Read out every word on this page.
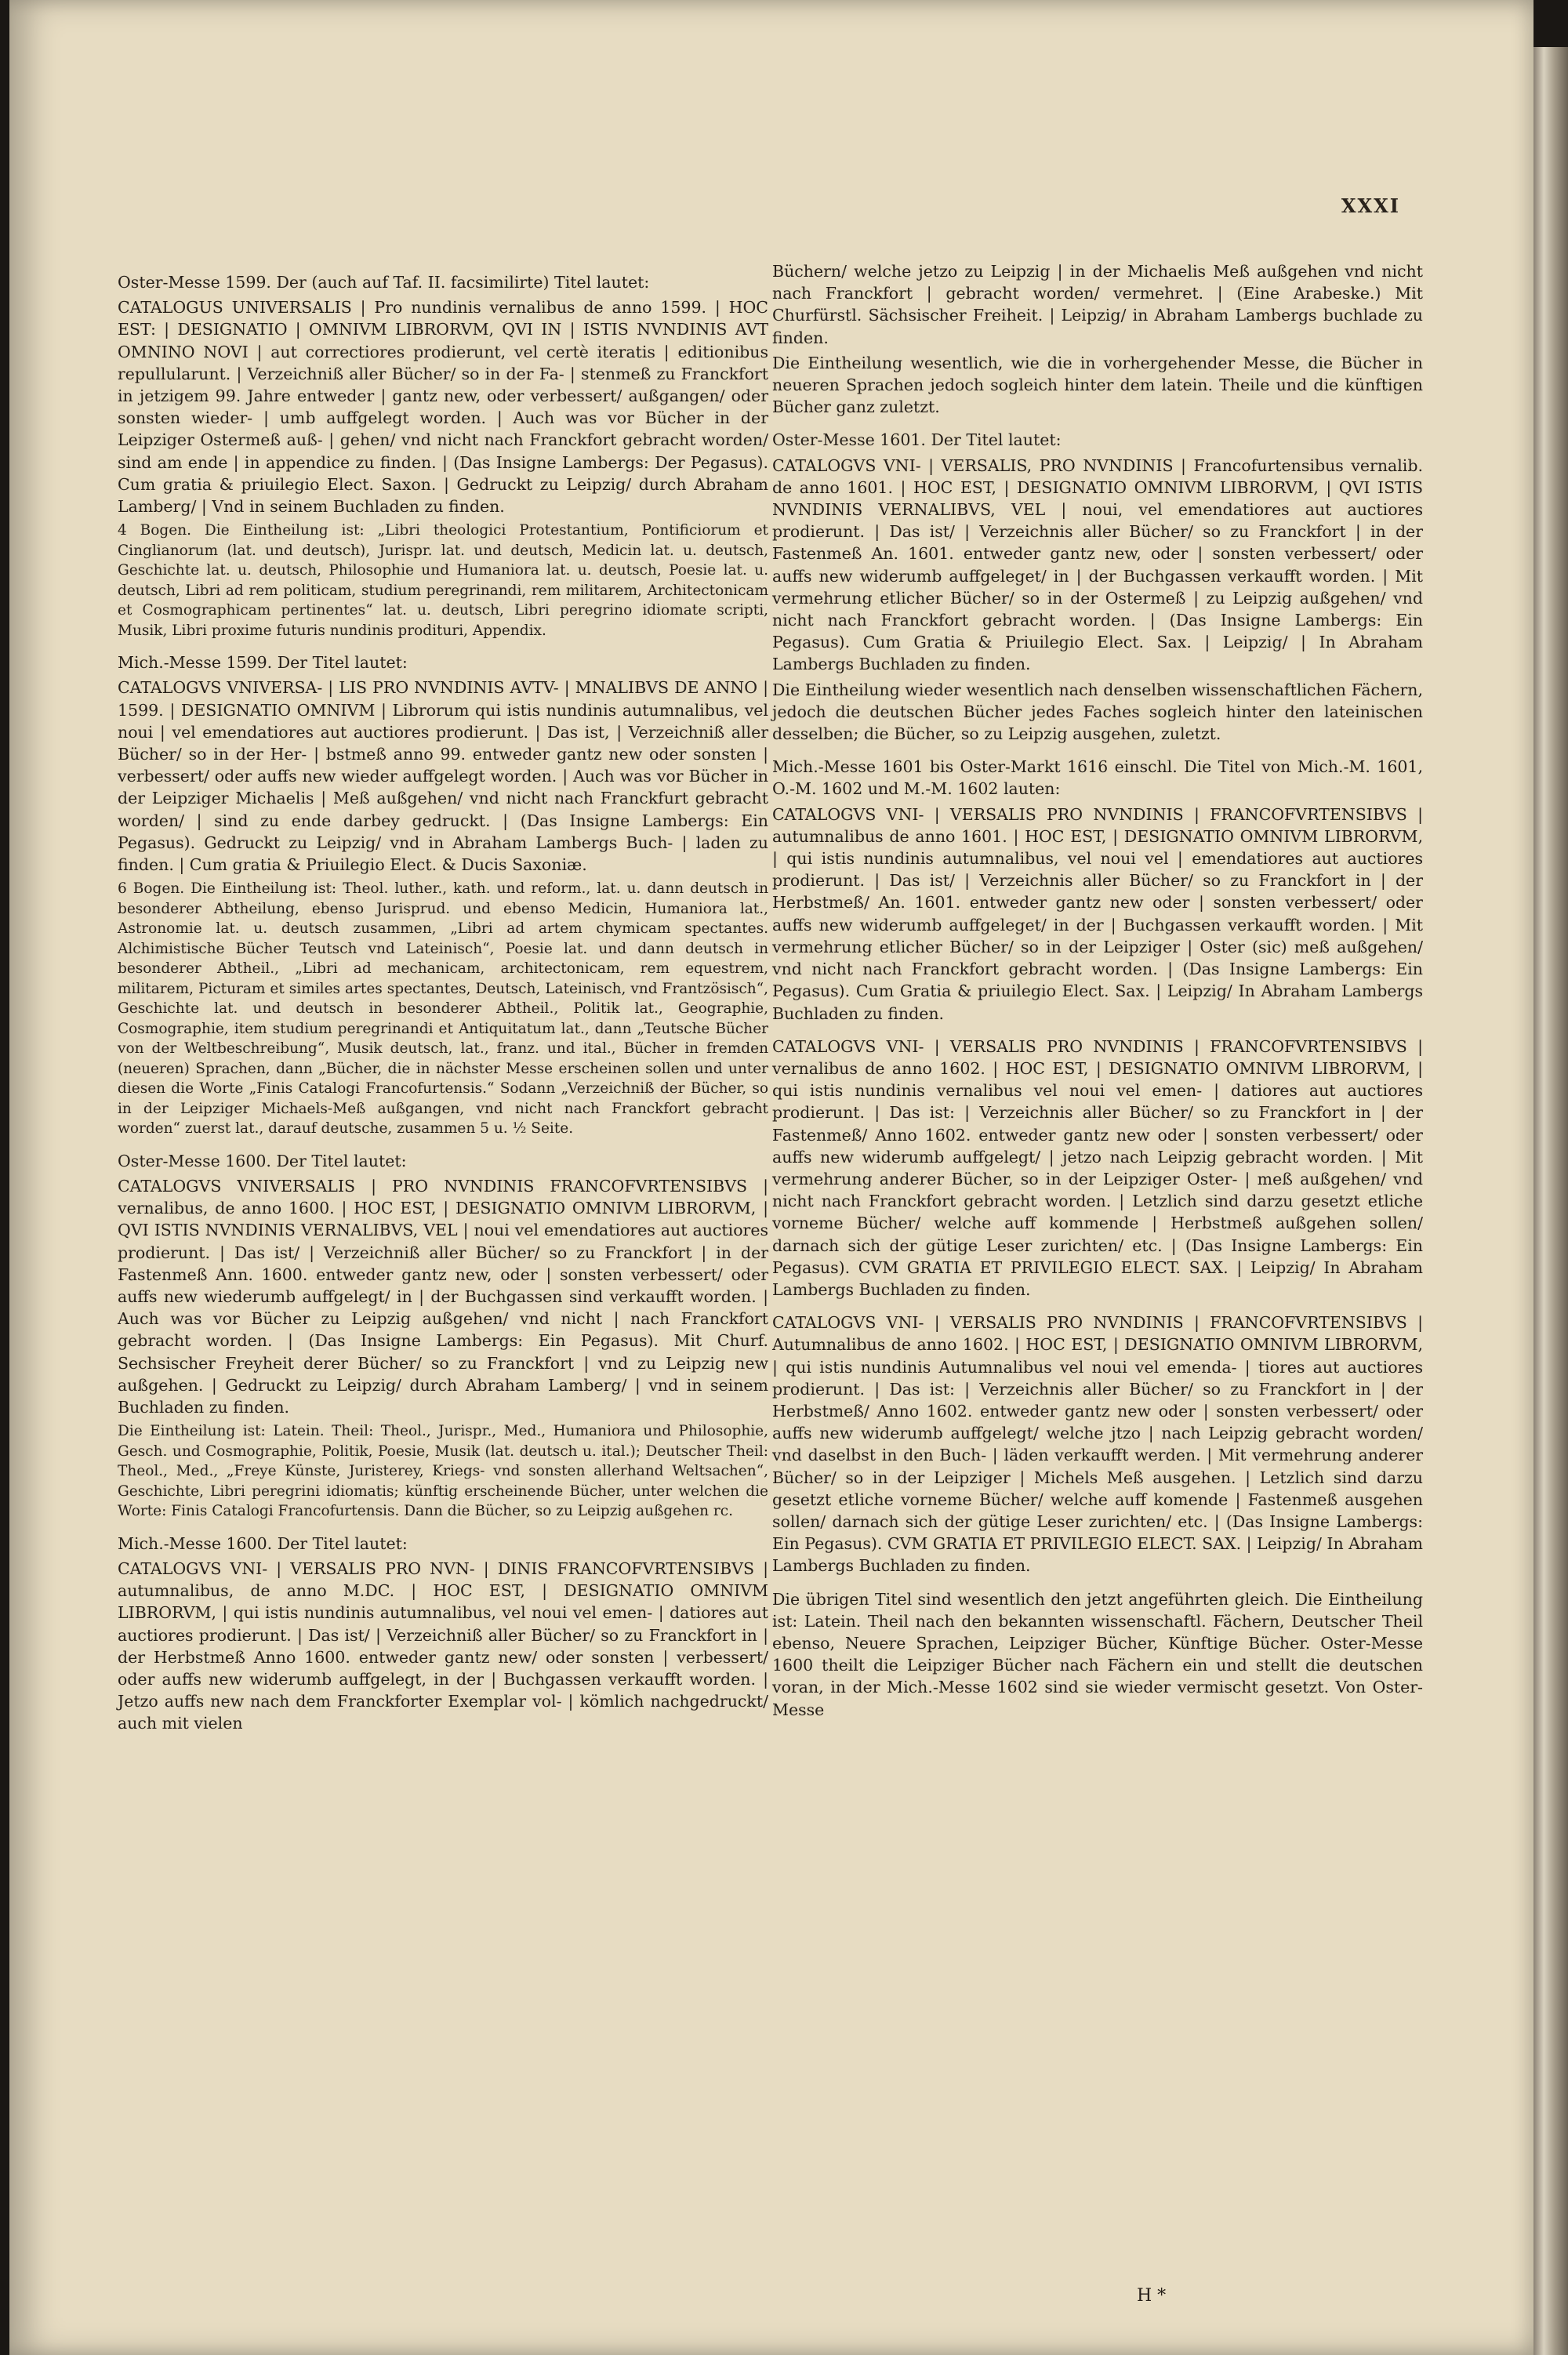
XXXI

Oster-Messe 1599. Der (auch auf Taf. II. facsimilirte) Titel lautet:

CATALOGUS UNIVERSALIS | Pro nundinis vernalibus de anno 1599. | HOC EST: | DESIGNATIO | OMNIVM LIBRORVM, QVI IN | ISTIS NVNDINIS AVT OMNINO NOVI | aut correctiores prodierunt, vel certè iteratis | editionibus repullularunt. | Verzeichniß aller Bücher/ so in der Fa- | stenmeß zu Franckfort in jetzigem 99. Jahre entweder | gantz new, oder verbessert/ außgangen/ oder sonsten wieder- | umb auffgelegt worden. | Auch was vor Bücher in der Leipziger Ostermeß auß- | gehen/ vnd nicht nach Franckfort gebracht worden/ sind am ende | in appendice zu finden. | (Das Insigne Lambergs: Der Pegasus). Cum gratia & priuilegio Elect. Saxon. | Gedruckt zu Leipzig/ durch Abraham Lamberg/ | Vnd in seinem Buchladen zu finden.

4 Bogen. Die Eintheilung ist: „Libri theologici Protestantium, Pontificiorum et Cinglianorum (lat. und deutsch), Jurispr. lat. und deutsch, Medicin lat. u. deutsch, Geschichte lat. u. deutsch, Philosophie und Humaniora lat. u. deutsch, Poesie lat. u. deutsch, Libri ad rem politicam, studium peregrinandi, rem militarem, Architectonicam et Cosmographicam pertinentes“ lat. u. deutsch, Libri peregrino idiomate scripti, Musik, Libri proxime futuris nundinis prodituri, Appendix.

Mich.-Messe 1599. Der Titel lautet:

CATALOGVS VNIVERSA- | LIS PRO NVNDINIS AVTV- | MNALIBVS DE ANNO | 1599. | DESIGNATIO OMNIVM | Librorum qui istis nundinis autumnalibus, vel noui | vel emendatiores aut auctiores prodierunt. | Das ist, | Verzeichniß aller Bücher/ so in der Her- | bstmeß anno 99. entweder gantz new oder sonsten | verbessert/ oder auffs new wieder auffgelegt worden. | Auch was vor Bücher in der Leipziger Michaelis | Meß außgehen/ vnd nicht nach Franckfurt gebracht worden/ | sind zu ende darbey gedruckt. | (Das Insigne Lambergs: Ein Pegasus). Gedruckt zu Leipzig/ vnd in Abraham Lambergs Buch- | laden zu finden. | Cum gratia & Priuilegio Elect. & Ducis Saxoniæ.

6 Bogen. Die Eintheilung ist: Theol. luther., kath. und reform., lat. u. dann deutsch in besonderer Abtheilung, ebenso Jurisprud. und ebenso Medicin, Humaniora lat., Astronomie lat. u. deutsch zusammen, „Libri ad artem chymicam spectantes. Alchimistische Bücher Teutsch vnd Lateinisch“, Poesie lat. und dann deutsch in besonderer Abtheil., „Libri ad mechanicam, architectonicam, rem equestrem, militarem, Picturam et similes artes spectantes, Deutsch, Lateinisch, vnd Frantzösisch“, Geschichte lat. und deutsch in besonderer Abtheil., Politik lat., Geographie, Cosmographie, item studium peregrinandi et Antiquitatum lat., dann „Teutsche Bücher von der Weltbeschreibung“, Musik deutsch, lat., franz. und ital., Bücher in fremden (neueren) Sprachen, dann „Bücher, die in nächster Messe erscheinen sollen und unter diesen die Worte „Finis Catalogi Francofurtensis.“ Sodann „Verzeichniß der Bücher, so in der Leipziger Michaels-Meß außgangen, vnd nicht nach Franckfort gebracht worden“ zuerst lat., darauf deutsche, zusammen 5 u. ½ Seite.

Oster-Messe 1600. Der Titel lautet:

CATALOGVS VNIVERSALIS | PRO NVNDINIS FRANCOFVRTENSIBVS | vernalibus, de anno 1600. | HOC EST, | DESIGNATIO OMNIVM LIBRORVM, | QVI ISTIS NVNDINIS VERNALIBVS, VEL | noui vel emendatiores aut auctiores prodierunt. | Das ist/ | Verzeichniß aller Bücher/ so zu Franckfort | in der Fastenmeß Ann. 1600. entweder gantz new, oder | sonsten verbessert/ oder auffs new wiederumb auffgelegt/ in | der Buchgassen sind verkaufft worden. | Auch was vor Bücher zu Leipzig außgehen/ vnd nicht | nach Franckfort gebracht worden. | (Das Insigne Lambergs: Ein Pegasus). Mit Churf. Sechsischer Freyheit derer Bücher/ so zu Franckfort | vnd zu Leipzig new außgehen. | Gedruckt zu Leipzig/ durch Abraham Lamberg/ | vnd in seinem Buchladen zu finden.

Die Eintheilung ist: Latein. Theil: Theol., Jurispr., Med., Humaniora und Philosophie, Gesch. und Cosmographie, Politik, Poesie, Musik (lat. deutsch u. ital.); Deutscher Theil: Theol., Med., „Freye Künste, Juristerey, Kriegs- vnd sonsten allerhand Weltsachen“, Geschichte, Libri peregrini idiomatis; künftig erscheinende Bücher, unter welchen die Worte: Finis Catalogi Francofurtensis. Dann die Bücher, so zu Leipzig außgehen rc.

Mich.-Messe 1600. Der Titel lautet:

CATALOGVS VNI- | VERSALIS PRO NVN- | DINIS FRANCOFVRTENSIBVS | autumnalibus, de anno M.DC. | HOC EST, | DESIGNATIO OMNIVM LIBRORVM, | qui istis nundinis autumnalibus, vel noui vel emen- | datiores aut auctiores prodierunt. | Das ist/ | Verzeichniß aller Bücher/ so zu Franckfort in | der Herbstmeß Anno 1600. entweder gantz new/ oder sonsten | verbessert/ oder auffs new widerumb auffgelegt, in der | Buchgassen verkaufft worden. | Jetzo auffs new nach dem Franckforter Exemplar vol- | kömlich nachgedruckt/ auch mit vielen

Büchern/ welche jetzo zu Leipzig | in der Michaelis Meß außgehen vnd nicht nach Franckfort | gebracht worden/ vermehret. | (Eine Arabeske.) Mit Churfürstl. Sächsischer Freiheit. | Leipzig/ in Abraham Lambergs buchlade zu finden.

Die Eintheilung wesentlich, wie die in vorhergehender Messe, die Bücher in neueren Sprachen jedoch sogleich hinter dem latein. Theile und die künftigen Bücher ganz zuletzt.

Oster-Messe 1601. Der Titel lautet:

CATALOGVS VNI- | VERSALIS, PRO NVNDINIS | Francofurtensibus vernalib. de anno 1601. | HOC EST, | DESIGNATIO OMNIVM LIBRORVM, | QVI ISTIS NVNDINIS VERNALIBVS, VEL | noui, vel emendatiores aut auctiores prodierunt. | Das ist/ | Verzeichnis aller Bücher/ so zu Franckfort | in der Fastenmeß An. 1601. entweder gantz new, oder | sonsten verbessert/ oder auffs new widerumb auffgeleget/ in | der Buchgassen verkaufft worden. | Mit vermehrung etlicher Bücher/ so in der Ostermeß | zu Leipzig außgehen/ vnd nicht nach Franckfort gebracht worden. | (Das Insigne Lambergs: Ein Pegasus). Cum Gratia & Priuilegio Elect. Sax. | Leipzig/ | In Abraham Lambergs Buchladen zu finden.

Die Eintheilung wieder wesentlich nach denselben wissenschaftlichen Fächern, jedoch die deutschen Bücher jedes Faches sogleich hinter den lateinischen desselben; die Bücher, so zu Leipzig ausgehen, zuletzt.

Mich.-Messe 1601 bis Oster-Markt 1616 einschl. Die Titel von Mich.-M. 1601, O.-M. 1602 und M.-M. 1602 lauten:

CATALOGVS VNI- | VERSALIS PRO NVNDINIS | FRANCOFVRTENSIBVS | autumnalibus de anno 1601. | HOC EST, | DESIGNATIO OMNIVM LIBRORVM, | qui istis nundinis autumnalibus, vel noui vel | emendatiores aut auctiores prodierunt. | Das ist/ | Verzeichnis aller Bücher/ so zu Franckfort in | der Herbstmeß/ An. 1601. entweder gantz new oder | sonsten verbessert/ oder auffs new widerumb auffgeleget/ in der | Buchgassen verkaufft worden. | Mit vermehrung etlicher Bücher/ so in der Leipziger | Oster (sic) meß außgehen/ vnd nicht nach Franckfort gebracht worden. | (Das Insigne Lambergs: Ein Pegasus). Cum Gratia & priuilegio Elect. Sax. | Leipzig/ In Abraham Lambergs Buchladen zu finden.

CATALOGVS VNI- | VERSALIS PRO NVNDINIS | FRANCOFVRTENSIBVS | vernalibus de anno 1602. | HOC EST, | DESIGNATIO OMNIVM LIBRORVM, | qui istis nundinis vernalibus vel noui vel emen- | datiores aut auctiores prodierunt. | Das ist: | Verzeichnis aller Bücher/ so zu Franckfort in | der Fastenmeß/ Anno 1602. entweder gantz new oder | sonsten verbessert/ oder auffs new widerumb auffgelegt/ | jetzo nach Leipzig gebracht worden. | Mit vermehrung anderer Bücher, so in der Leipziger Oster- | meß außgehen/ vnd nicht nach Franckfort gebracht worden. | Letzlich sind darzu gesetzt etliche vorneme Bücher/ welche auff kommende | Herbstmeß außgehen sollen/ darnach sich der gütige Leser zurichten/ etc. | (Das Insigne Lambergs: Ein Pegasus). CVM GRATIA ET PRIVILEGIO ELECT. SAX. | Leipzig/ In Abraham Lambergs Buchladen zu finden.

CATALOGVS VNI- | VERSALIS PRO NVNDINIS | FRANCOFVRTENSIBVS | Autumnalibus de anno 1602. | HOC EST, | DESIGNATIO OMNIVM LIBRORVM, | qui istis nundinis Autumnalibus vel noui vel emenda- | tiores aut auctiores prodierunt. | Das ist: | Verzeichnis aller Bücher/ so zu Franckfort in | der Herbstmeß/ Anno 1602. entweder gantz new oder | sonsten verbessert/ oder auffs new widerumb auffgelegt/ welche jtzo | nach Leipzig gebracht worden/ vnd daselbst in den Buch- | läden verkaufft werden. | Mit vermehrung anderer Bücher/ so in der Leipziger | Michels Meß ausgehen. | Letzlich sind darzu gesetzt etliche vorneme Bücher/ welche auff komende | Fastenmeß ausgehen sollen/ darnach sich der gütige Leser zurichten/ etc. | (Das Insigne Lambergs: Ein Pegasus). CVM GRATIA ET PRIVILEGIO ELECT. SAX. | Leipzig/ In Abraham Lambergs Buchladen zu finden.

Die übrigen Titel sind wesentlich den jetzt angeführten gleich. Die Eintheilung ist: Latein. Theil nach den bekannten wissenschaftl. Fächern, Deutscher Theil ebenso, Neuere Sprachen, Leipziger Bücher, Künftige Bücher. Oster-Messe 1600 theilt die Leipziger Bücher nach Fächern ein und stellt die deutschen voran, in der Mich.-Messe 1602 sind sie wieder vermischt gesetzt. Von Oster-Messe

H *
